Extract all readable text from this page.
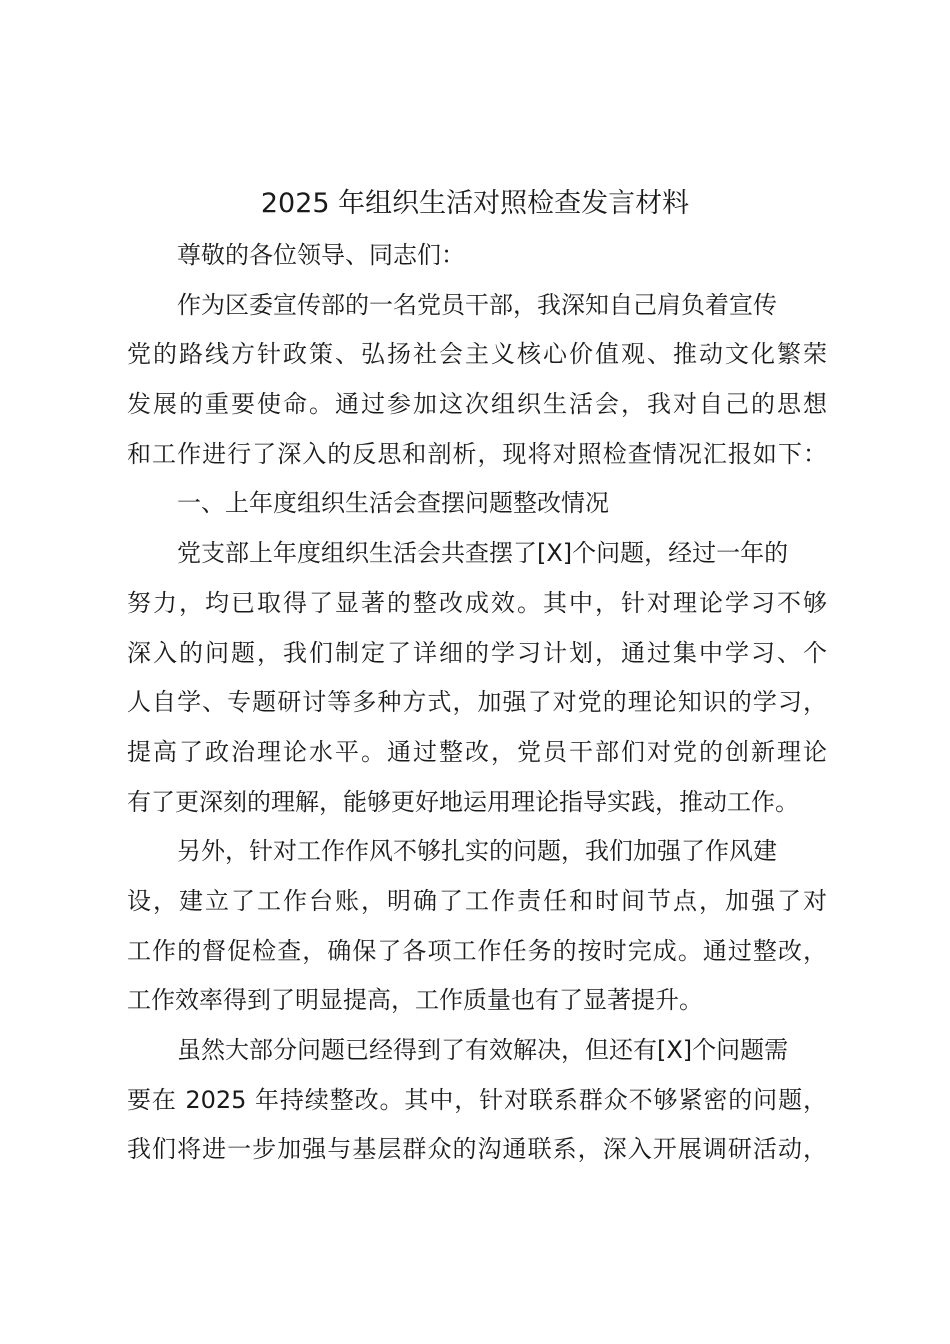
2025 年组织生活对照检查发言材料
尊敬的各位领导、同志们：
作为区委宣传部的一名党员干部，我深知自己肩负着宣传
党的路线方针政策、弘扬社会主义核心价值观、推动文化繁荣
发展的重要使命。通过参加这次组织生活会，我对自己的思想
和工作进行了深入的反思和剖析，现将对照检查情况汇报如下：
一、上年度组织生活会查摆问题整改情况
党支部上年度组织生活会共查摆了[X]个问题，经过一年的
努力，均已取得了显著的整改成效。其中，针对理论学习不够
深入的问题，我们制定了详细的学习计划，通过集中学习、个
人自学、专题研讨等多种方式，加强了对党的理论知识的学习，
提高了政治理论水平。通过整改，党员干部们对党的创新理论
有了更深刻的理解，能够更好地运用理论指导实践，推动工作。
另外，针对工作作风不够扎实的问题，我们加强了作风建
设，建立了工作台账，明确了工作责任和时间节点，加强了对
工作的督促检查，确保了各项工作任务的按时完成。通过整改，
工作效率得到了明显提高，工作质量也有了显著提升。
虽然大部分问题已经得到了有效解决，但还有[X]个问题需
要在 2025 年持续整改。其中，针对联系群众不够紧密的问题，
我们将进一步加强与基层群众的沟通联系，深入开展调研活动，
